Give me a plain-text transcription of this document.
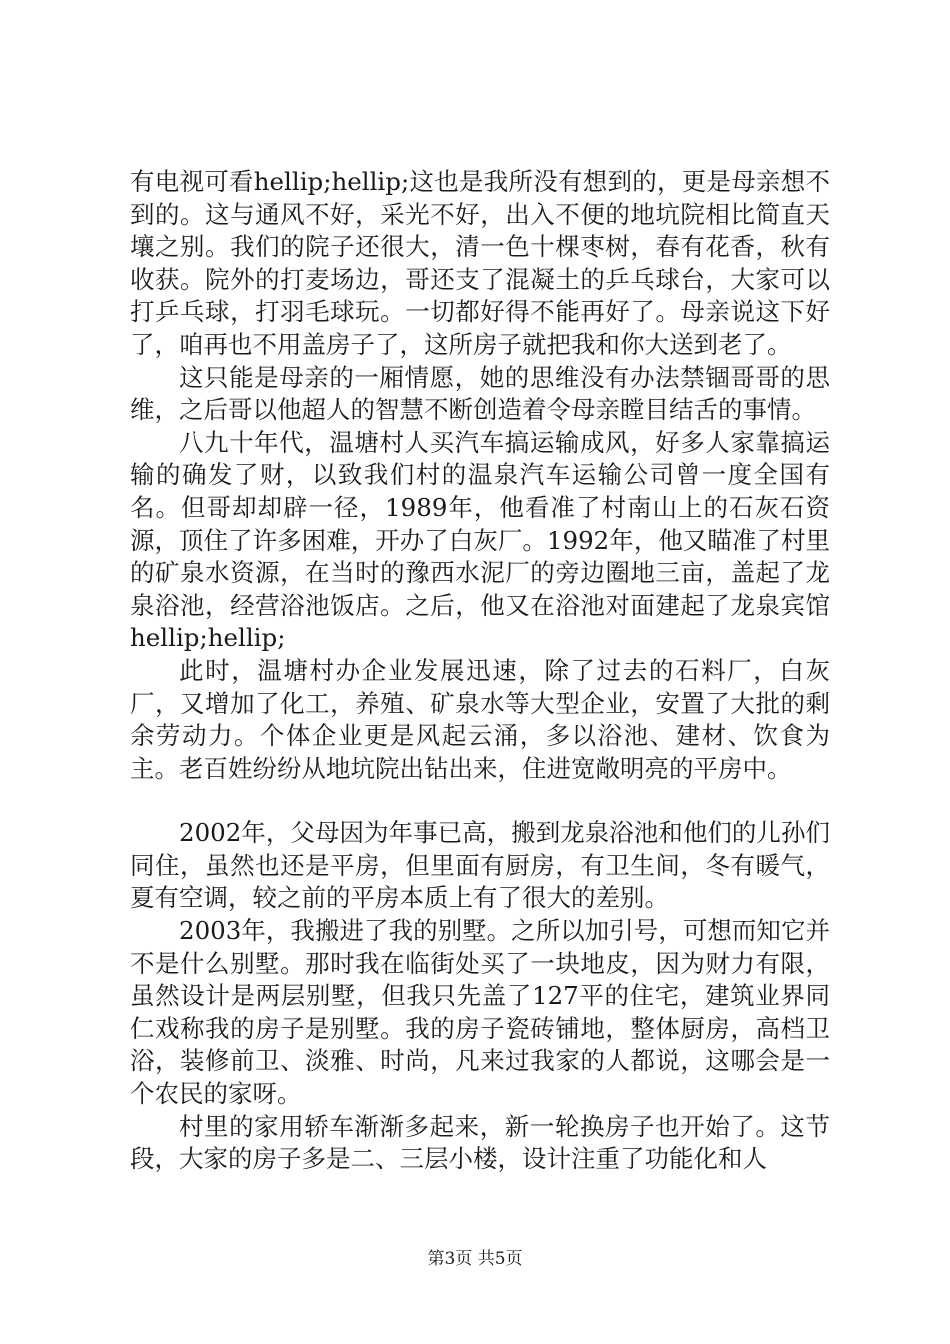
有电视可看hellip;hellip;这也是我所没有想到的，更是母亲想不到的。这与通风不好，采光不好，出入不便的地坑院相比简直天壤之别。我们的院子还很大，清一色十棵枣树，春有花香，秋有收获。院外的打麦场边，哥还支了混凝土的乒乓球台，大家可以打乒乓球，打羽毛球玩。一切都好得不能再好了。母亲说这下好了，咱再也不用盖房子了，这所房子就把我和你大送到老了。

这只能是母亲的一厢情愿，她的思维没有办法禁锢哥哥的思维，之后哥以他超人的智慧不断创造着令母亲瞠目结舌的事情。

八九十年代，温塘村人买汽车搞运输成风，好多人家靠搞运输的确发了财，以致我们村的温泉汽车运输公司曾一度全国有名。但哥却却辟一径，1989年，他看准了村南山上的石灰石资源，顶住了许多困难，开办了白灰厂。1992年，他又瞄准了村里的矿泉水资源，在当时的豫西水泥厂的旁边圈地三亩，盖起了龙泉浴池，经营浴池饭店。之后，他又在浴池对面建起了龙泉宾馆hellip;hellip;

此时，温塘村办企业发展迅速，除了过去的石料厂，白灰厂，又增加了化工，养殖、矿泉水等大型企业，安置了大批的剩余劳动力。个体企业更是风起云涌，多以浴池、建材、饮食为主。老百姓纷纷从地坑院出钻出来，住进宽敞明亮的平房中。

2002年，父母因为年事已高，搬到龙泉浴池和他们的儿孙们同住，虽然也还是平房，但里面有厨房，有卫生间，冬有暖气，夏有空调，较之前的平房本质上有了很大的差别。

2003年，我搬进了我的别墅。之所以加引号，可想而知它并不是什么别墅。那时我在临街处买了一块地皮，因为财力有限，虽然设计是两层别墅，但我只先盖了127平的住宅，建筑业界同仁戏称我的房子是别墅。我的房子瓷砖铺地，整体厨房，高档卫浴，装修前卫、淡雅、时尚，凡来过我家的人都说，这哪会是一个农民的家呀。

村里的家用轿车渐渐多起来，新一轮换房子也开始了。这节段，大家的房子多是二、三层小楼，设计注重了功能化和人

第3页 共5页
